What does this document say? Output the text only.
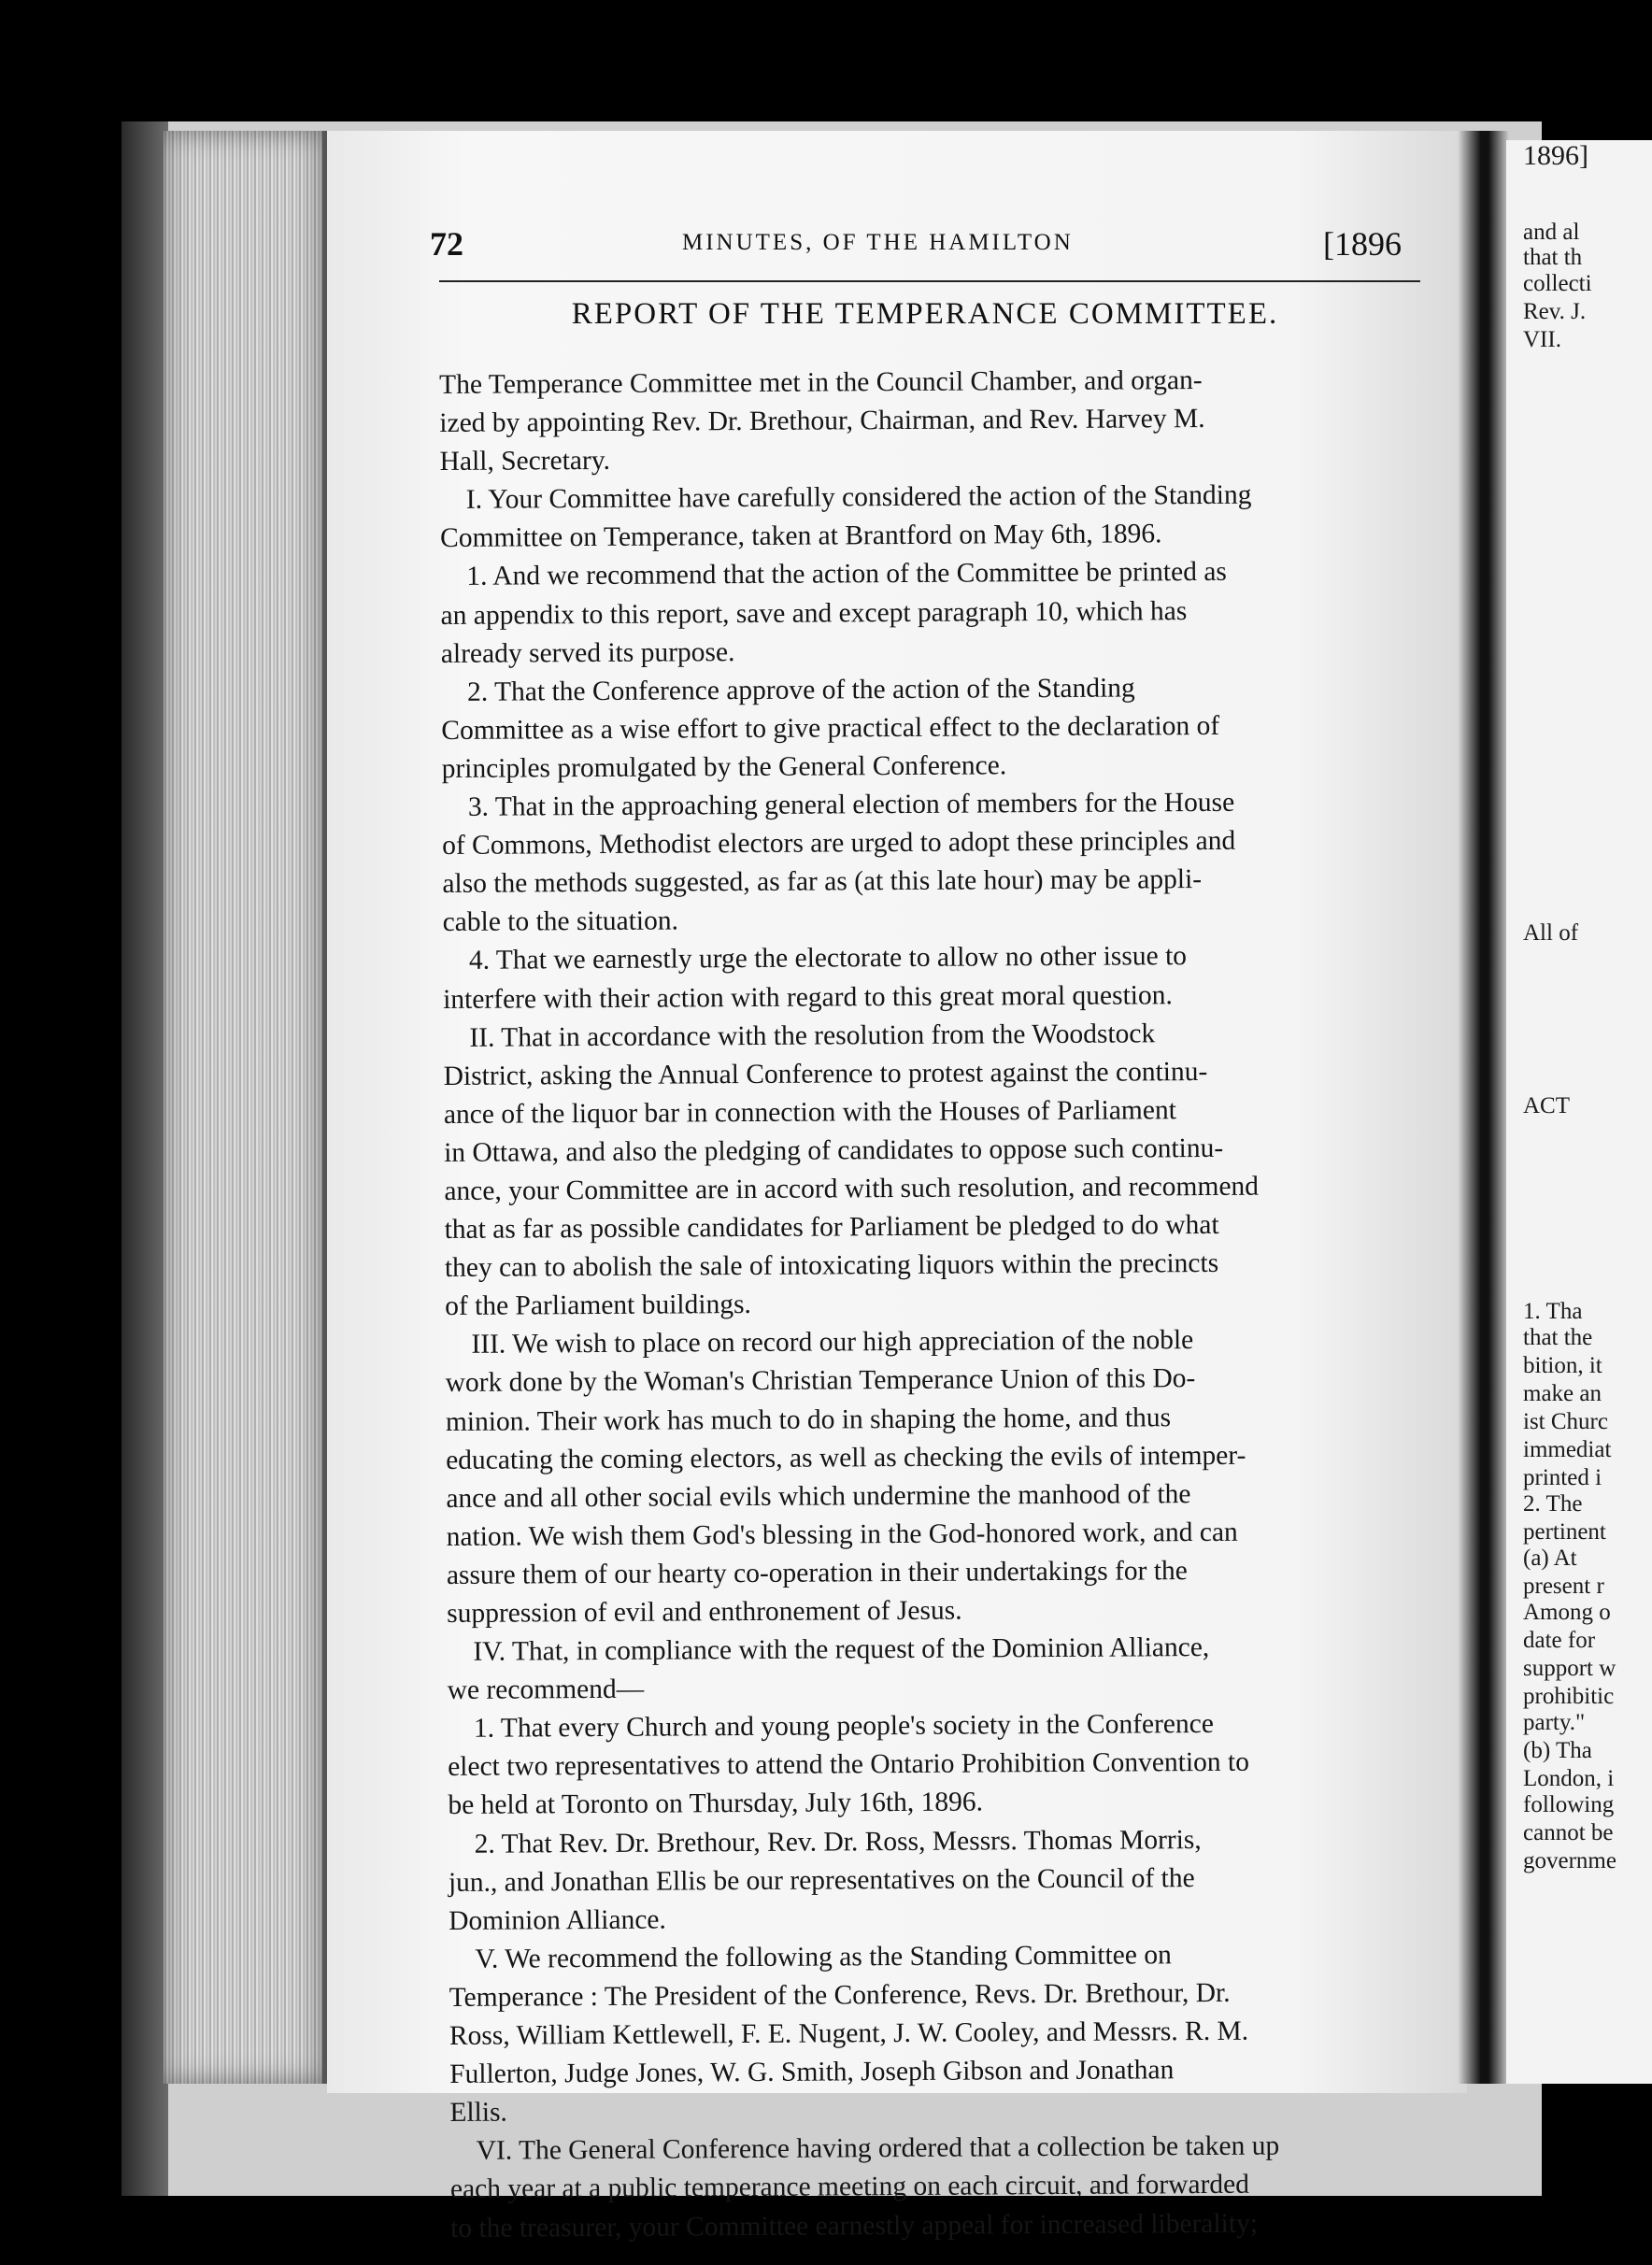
1896]
and al
that th
collecti
Rev. J.
VII.
All of
ACT
1. Tha
that the
bition, it
make an
ist Churc
immediat
printed i
2. The
pertinent
(a) At
present r
Among o
date for
support w
prohibitic
party."
(b) Tha
London, i
following
cannot be
governme
72	MINUTES, OF THE HAMILTON	[1896
REPORT OF THE TEMPERANCE COMMITTEE.
The Temperance Committee met in the Council Chamber, and organ-
ized by appointing Rev. Dr. Brethour, Chairman, and Rev. Harvey M.
Hall, Secretary.
I. Your Committee have carefully considered the action of the Standing
Committee on Temperance, taken at Brantford on May 6th, 1896.
1. And we recommend that the action of the Committee be printed as
an appendix to this report, save and except paragraph 10, which has
already served its purpose.
2. That the Conference approve of the action of the Standing
Committee as a wise effort to give practical effect to the declaration of
principles promulgated by the General Conference.
3. That in the approaching general election of members for the House
of Commons, Methodist electors are urged to adopt these principles and
also the methods suggested, as far as (at this late hour) may be appli-
cable to the situation.
4. That we earnestly urge the electorate to allow no other issue to
interfere with their action with regard to this great moral question.
II. That in accordance with the resolution from the Woodstock
District, asking the Annual Conference to protest against the continu-
ance of the liquor bar in connection with the Houses of Parliament
in Ottawa, and also the pledging of candidates to oppose such continu-
ance, your Committee are in accord with such resolution, and recommend
that as far as possible candidates for Parliament be pledged to do what
they can to abolish the sale of intoxicating liquors within the precincts
of the Parliament buildings.
III. We wish to place on record our high appreciation of the noble
work done by the Woman's Christian Temperance Union of this Do-
minion. Their work has much to do in shaping the home, and thus
educating the coming electors, as well as checking the evils of intemper-
ance and all other social evils which undermine the manhood of the
nation. We wish them God's blessing in the God-honored work, and can
assure them of our hearty co-operation in their undertakings for the
suppression of evil and enthronement of Jesus.
IV. That, in compliance with the request of the Dominion Alliance,
we recommend—
1. That every Church and young people's society in the Conference
elect two representatives to attend the Ontario Prohibition Convention to
be held at Toronto on Thursday, July 16th, 1896.
2. That Rev. Dr. Brethour, Rev. Dr. Ross, Messrs. Thomas Morris,
jun., and Jonathan Ellis be our representatives on the Council of the
Dominion Alliance.
V. We recommend the following as the Standing Committee on
Temperance : The President of the Conference, Revs. Dr. Brethour, Dr.
Ross, William Kettlewell, F. E. Nugent, J. W. Cooley, and Messrs. R. M.
Fullerton, Judge Jones, W. G. Smith, Joseph Gibson and Jonathan
Ellis.
VI. The General Conference having ordered that a collection be taken up
each year at a public temperance meeting on each circuit, and forwarded
to the treasurer, your Committee earnestly appeal for increased liberality;
